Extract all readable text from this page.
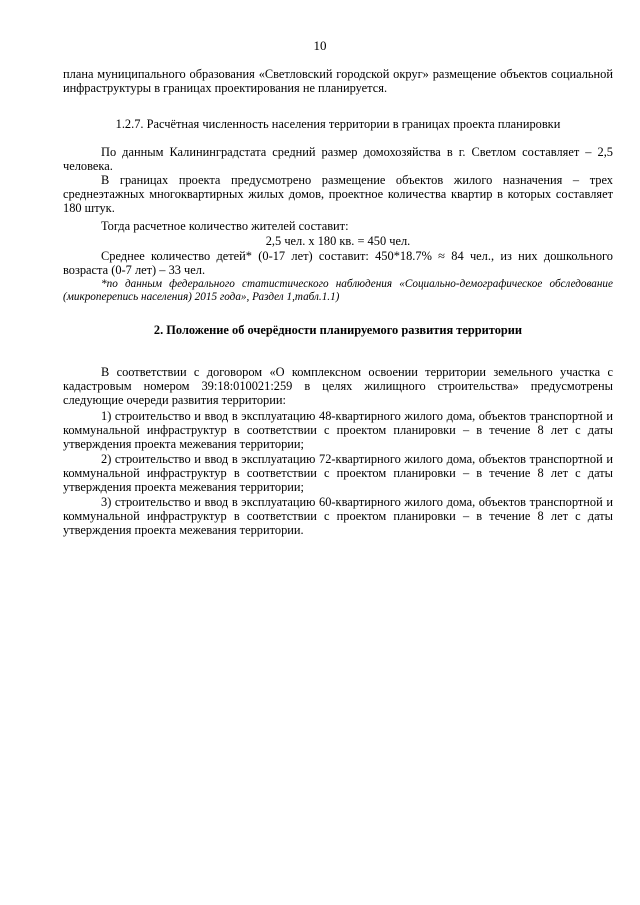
10

плана муниципального образования «Светловский городской округ» размещение объектов социальной инфраструктуры в границах проектирования не планируется.

1.2.7. Расчётная численность населения территории в границах проекта планировки

По данным Калининградстата средний размер домохозяйства в г. Светлом составляет – 2,5 человека.

В границах проекта предусмотрено размещение объектов жилого назначения – трех среднеэтажных многоквартирных жилых домов, проектное количества квартир в которых составляет 180 штук.

Тогда расчетное количество жителей составит:

2,5 чел. х 180 кв. = 450 чел.

Среднее количество детей* (0-17 лет) составит: 450*18.7% ≈ 84 чел., из них дошкольного возраста (0-7 лет) – 33 чел.

*по данным федерального статистического наблюдения «Социально-демографическое обследование (микроперепись населения) 2015 года», Раздел 1,табл.1.1)

2. Положение об очерёдности планируемого развития территории

В соответствии с договором «О комплексном освоении территории земельного участка с кадастровым номером 39:18:010021:259 в целях жилищного строительства» предусмотрены следующие очереди развития территории:

1) строительство и ввод в эксплуатацию 48-квартирного жилого дома, объектов транспортной и коммунальной инфраструктур в соответствии с проектом планировки – в течение 8 лет с даты утверждения проекта межевания территории;

2) строительство и ввод в эксплуатацию 72-квартирного жилого дома, объектов транспортной и коммунальной инфраструктур в соответствии с проектом планировки – в течение 8 лет с даты утверждения проекта межевания территории;

3) строительство и ввод в эксплуатацию 60-квартирного жилого дома, объектов транспортной и коммунальной инфраструктур в соответствии с проектом планировки – в течение 8 лет с даты утверждения проекта межевания территории.
